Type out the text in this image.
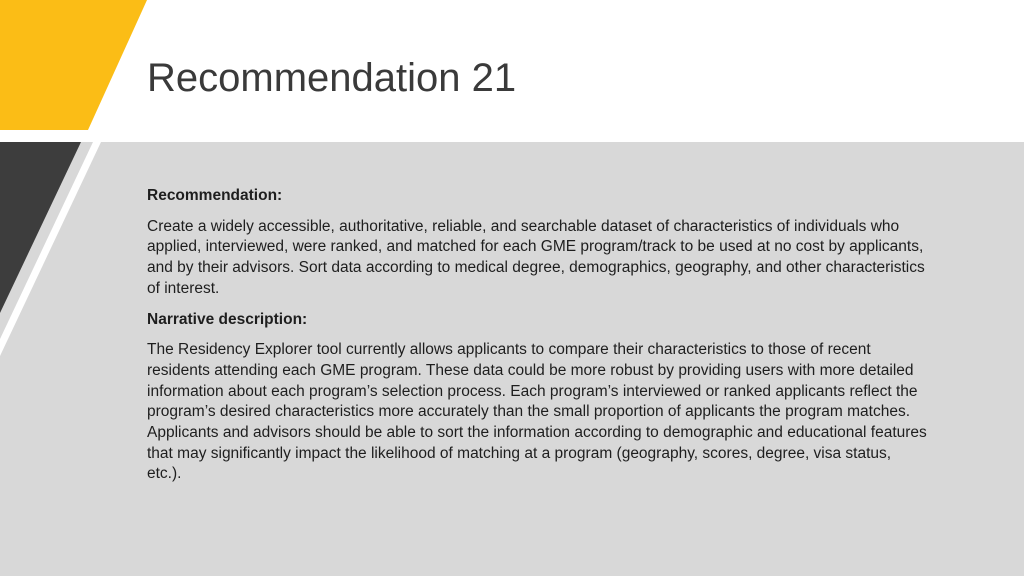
Recommendation 21

Recommendation:

Create a widely accessible, authoritative, reliable, and searchable dataset of characteristics of individuals who applied, interviewed, were ranked, and matched for each GME program/track to be used at no cost by applicants, and by their advisors. Sort data according to medical degree, demographics, geography, and other characteristics of interest.

Narrative description:

The Residency Explorer tool currently allows applicants to compare their characteristics to those of recent residents attending each GME program. These data could be more robust by providing users with more detailed information about each program’s selection process. Each program’s interviewed or ranked applicants reflect the program’s desired characteristics more accurately than the small proportion of applicants the program matches. Applicants and advisors should be able to sort the information according to demographic and educational features that may significantly impact the likelihood of matching at a program (geography, scores, degree, visa status, etc.).
